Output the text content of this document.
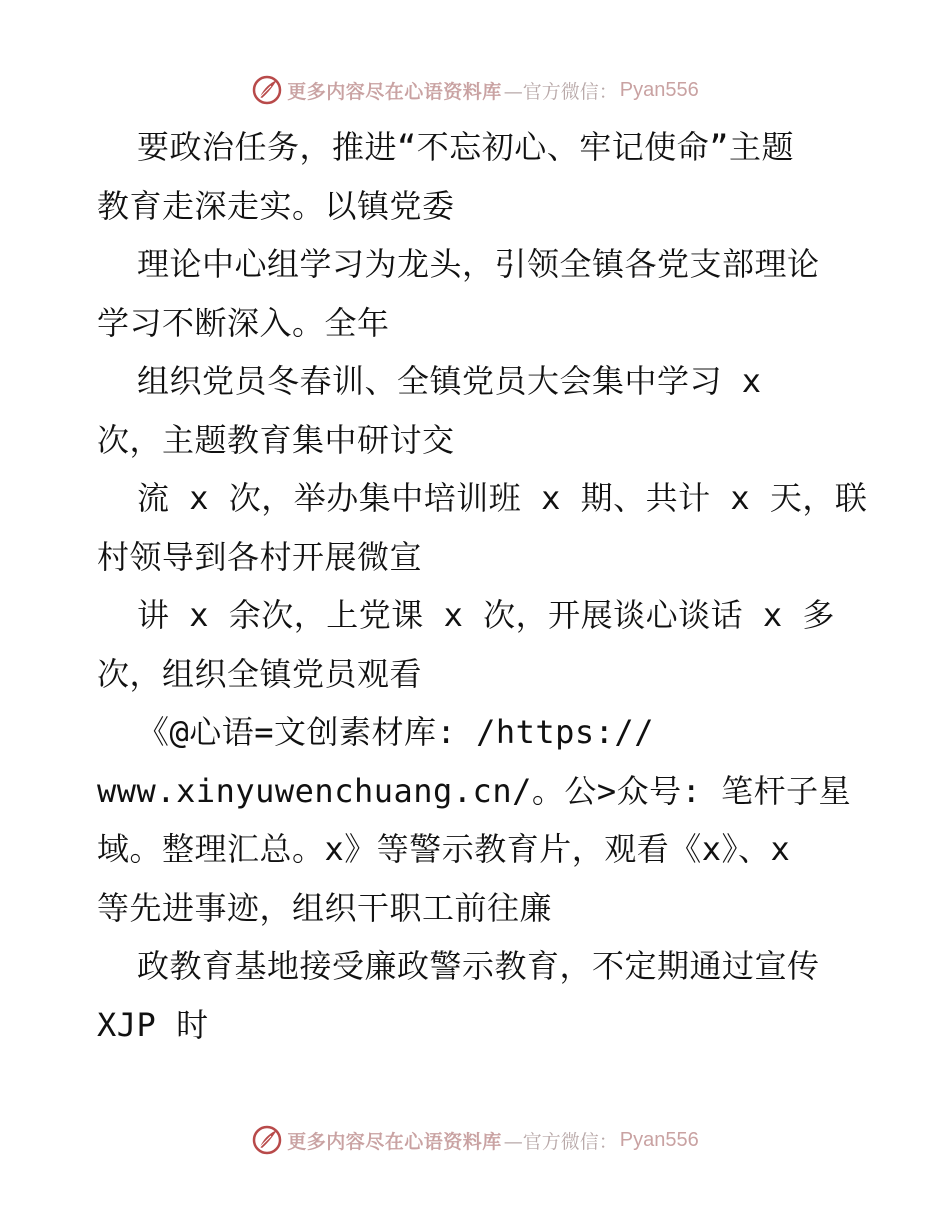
更多内容尽在心语资料库 —官方微信： Pyan556
要政治任务，推进“不忘初心、牢记使命”主题
教育走深走实。以镇党委
理论中心组学习为龙头，引领全镇各党支部理论
学习不断深入。全年
组织党员冬春训、全镇党员大会集中学习 x
次，主题教育集中研讨交
流 x 次，举办集中培训班 x 期、共计 x 天，联
村领导到各村开展微宣
讲 x 余次，上党课 x 次，开展谈心谈话 x 多
次，组织全镇党员观看
《@心语=文创素材库: /https://
www.xinyuwenchuang.cn/。公>众号: 笔杆子星
域。整理汇总。x》等警示教育片，观看《x》、x
等先进事迹，组织干职工前往廉
政教育基地接受廉政警示教育，不定期通过宣传
XJP 时
更多内容尽在心语资料库 —官方微信： Pyan556
